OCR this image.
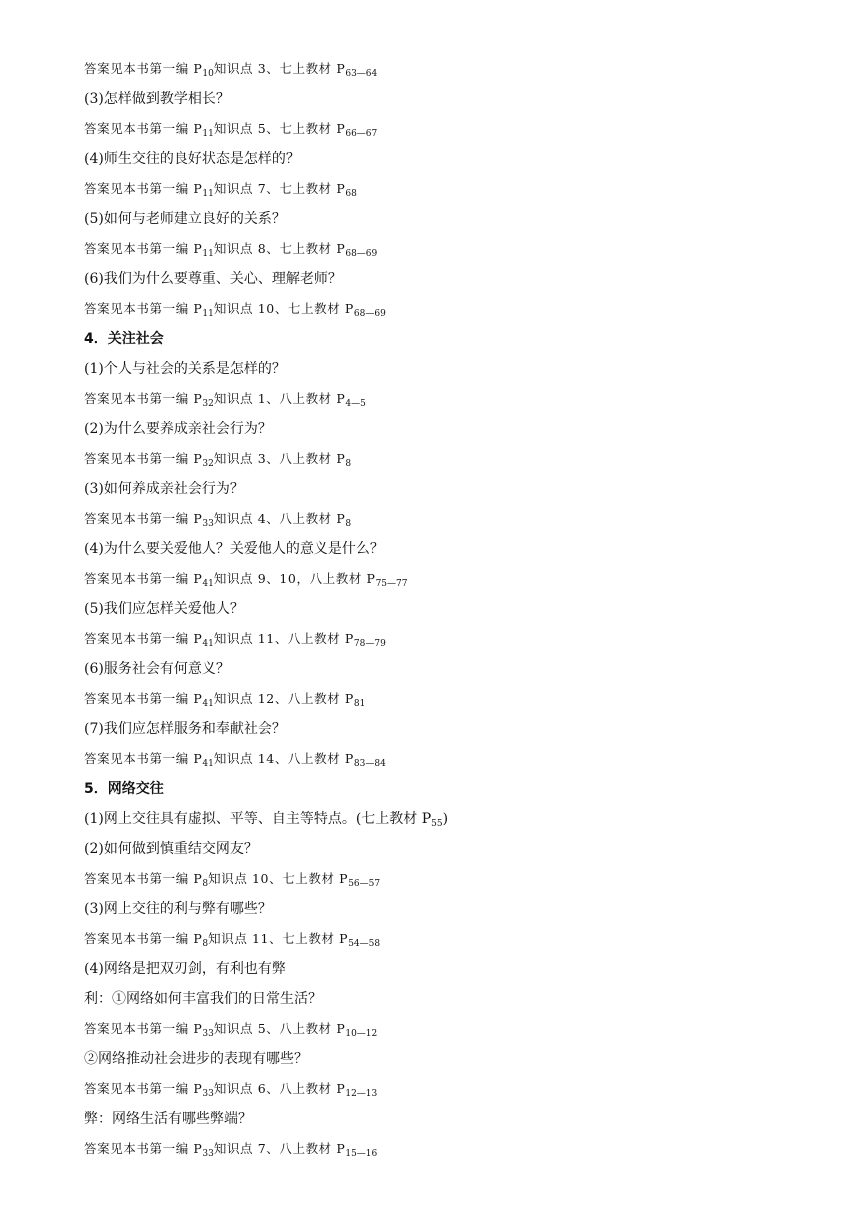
答案见本书第一编 $P_{10}$知识点 3、七上教材 $P_{63—64}$
(3)怎样做到教学相长？
答案见本书第一编 $P_{11}$知识点 5、七上教材 $P_{66—67}$
(4)师生交往的良好状态是怎样的？
答案见本书第一编 $P_{11}$知识点 7、七上教材 $P_{68}$
(5)如何与老师建立良好的关系？
答案见本书第一编 $P_{11}$知识点 8、七上教材 $P_{68—69}$
(6)我们为什么要尊重、关心、理解老师？
答案见本书第一编 $P_{11}$知识点 10、七上教材 $P_{68—69}$
4．关注社会
(1)个人与社会的关系是怎样的？
答案见本书第一编 $P_{32}$知识点 1、八上教材 $P_{4—5}$
(2)为什么要养成亲社会行为？
答案见本书第一编 $P_{32}$知识点 3、八上教材 $P_8$
(3)如何养成亲社会行为？
答案见本书第一编 $P_{33}$知识点 4、八上教材 $P_8$
(4)为什么要关爱他人？关爱他人的意义是什么？
答案见本书第一编 $P_{41}$知识点 9、10，八上教材 $P_{75—77}$
(5)我们应怎样关爱他人？
答案见本书第一编 $P_{41}$知识点 11、八上教材 $P_{78—79}$
(6)服务社会有何意义？
答案见本书第一编 $P_{41}$知识点 12、八上教材 $P_{81}$
(7)我们应怎样服务和奉献社会？
答案见本书第一编 $P_{41}$知识点 14、八上教材 $P_{83—84}$
5．网络交往
(1)网上交往具有虚拟、平等、自主等特点。(七上教材 $P_{55}$)
(2)如何做到慎重结交网友？
答案见本书第一编 $P_8$知识点 10、七上教材 $P_{56—57}$
(3)网上交往的利与弊有哪些？
答案见本书第一编 $P_8$知识点 11、七上教材 $P_{54—58}$
(4)网络是把双刃剑，有利也有弊
利：①网络如何丰富我们的日常生活？
答案见本书第一编 $P_{33}$知识点 5、八上教材 $P_{10—12}$
②网络推动社会进步的表现有哪些？
答案见本书第一编 $P_{33}$知识点 6、八上教材 $P_{12—13}$
弊：网络生活有哪些弊端？
答案见本书第一编 $P_{33}$知识点 7、八上教材 $P_{15—16}$
